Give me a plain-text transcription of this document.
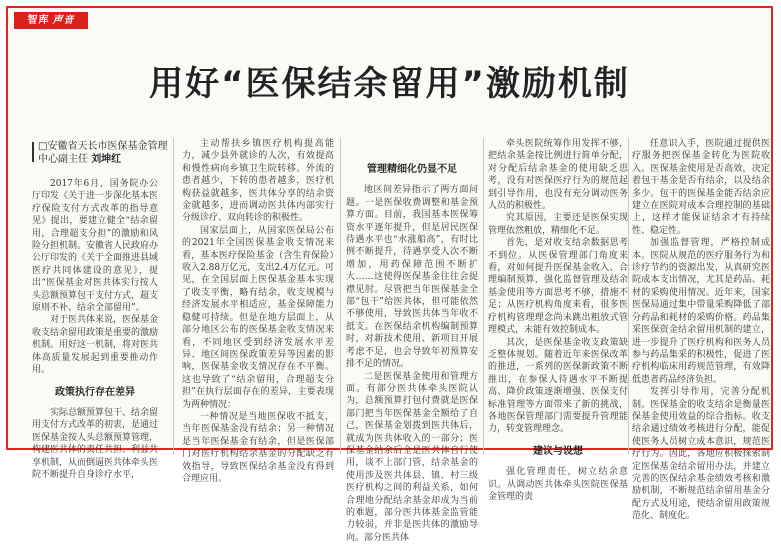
智库 声音
用好“医保结余留用”激励机制
□安徽省天长市医保基金管理中心副主任 刘坤红

2017年6月，国务院办公厅印发《关于进一步深化基本医疗保险支付方式改革的指导意见》提出，要建立健全“结余留用，合理超支分担”的激励和风险分担机制。安徽省人民政府办公厅印发的《关于全面推进县域医疗共同体建设的意见》，提出“医保基金对医共体实行按人头总额预算包干支付方式，超支原则不补、结余全部留用”。

对于医共体来说，医保基金收支结余留用政策是重要的激励机制。用好这一机制，将对医共体高质量发展起到重要推动作用。

政策执行存在差异

实际总额预算包干、结余留用支付方式改革的初衷，是通过医保基金按人头总额预算管理，构建医共体的责任共担、利益共享机制，从而倒逼医共体牵头医院不断提升自身诊疗水平，

主动帮扶乡镇医疗机构提高能力，减少县外就诊的人次，有效提高和慢性病向乡镇卫生院转移。外流的患者越少，下转的患者越多，医疗机构获益就越多，医共体分享的结余资金就越多，进而调动医共体内部实行分级诊疗、双向转诊的积极性。

国家层面上，从国家医保局公布的2021年全国医保基金收支情况来看，基本医疗保险基金（含生育保险）收入2.88万亿元，支出2.4万亿元。可见，在全国层面上医保基金基本实现了收支平衡，略有结余，收支规模与经济发展水平相适应，基金保障能力稳健可持续。但是在地方层面上，从部分地区公布的医保基金收支情况来看，不同地区受到经济发展水平差异、地区间医保政策差异等因素的影响，医保基金收支情况存在不平衡。这也导致了“结余留用，合理超支分担”在执行层面存在的差异，主要表现为两种情况：

一种情况是当地医保收不抵支，当年医保基金没有结余；另一种情况是当年医保基金有结余，但是医保部门对医疗机构结余基金的分配缺乏有效指导，导致医保结余基金没有得到合理应用。

管理精细化仍显不足

地区间差异指示了两方面问题。一是医保收费调整和基金预算方面。目前，我国基本医保筹资水平逐年提升，但是居民医保待遇水平也“水涨船高”，有时比例不断提升，待遇享受人次不断增加，用药保障范围不断扩大……这使得医保基金往往会捉襟见肘。尽管把当年医保基金全部“包干”给医共体，但可能依然不够使用，导致医共体当年收不抵支。在医保结余机构编制预算时，对新技术使用、新项目开展考虑不足，也会导致年初预算安排不足的情况。

二是医保基金使用和管理方面。有部分医共体牵头医院认为，总额预算打包付费就是医保部门把当年医保基金全额给了自己，医保基金划拨到医共体后，就成为医共体收入的一部分；医保基金结余后全是医共体自行使用，谈不上部门管，结余基金的使用涉及医共体县、镇、村三级医疗机构之间的利益关系，如何合理地分配结余基金却成为当前的难题，部分医共体基金监管能力较弱，并非是医共体的激励导向。部分医共体

牵头医院统筹作用发挥不够，把结余基金按比例进行简单分配，对分配后结余基金的使用缺乏思考，没有对医保医疗行为的规范起到引导作用，也没有充分调动医务人员的积极性。

究其原因，主要还是医保实现管理依然粗放，精细化不足。

首先，是对收支结余数据思考不到位。从医保管理部门角度来看，对如何提升医保基金收入、合理编制预算，强化监督管理及结余基金使用等方面思考不够，措施不足；从医疗机构角度来看，很多医疗机构管理理念尚未跳出粗放式管理模式，未能有效控制成本。

其次，是医保基金收支政策缺乏整体规划。随着近年来医保改革的推进，一系列的医保新政策不断推出，在参保人待遇水平不断提高、降价政策逐渐增强、医保支付标准管理等方面带来了新的挑战，各地医保管理部门需要提升管理能力，转变管理理念。

建议与设想

强化管理责任，树立结余意识。从调动医共体牵头医院医保基金管理的责

任意识入手，医院通过提供医疗服务把医保基金转化为医院收入。医保基金使用是否高效，决定着包干基金是否有结余，以及结余多少。包干的医保基金能否结余应建立在医院对成本合理控制的基础上，这样才能保证结余才有持续性、稳定性。

加强监督管理，严格控制成本。医院从规范的医疗服务行为和诊疗节约的资源出发，从真研究医院成本支出情况，尤其是药品、耗材的采购使用情况。近年来，国家医保局通过集中带量采购降低了部分药品和耗材的采购价格。药品集采医保资金结余留用机制的建立，进一步提升了医疗机构和医务人员参与药品集采的积极性，促进了医疗机构临床用药规范管理，有效降低患者药品经济负担。

发挥引导作用，完善分配机制。医保基金的收支结余是衡量医保基金使用效益的综合指标。收支结余通过绩效考核进行分配，能促使医务人员树立成本意识，规范医疗行为。因此，各地应积极探索制定医保基金结余留用办法，并建立完善的医保结余基金绩效考核和激励机制，不断规范结余留用基金分配方式及用途，使结余留用政策规范化、制度化。
